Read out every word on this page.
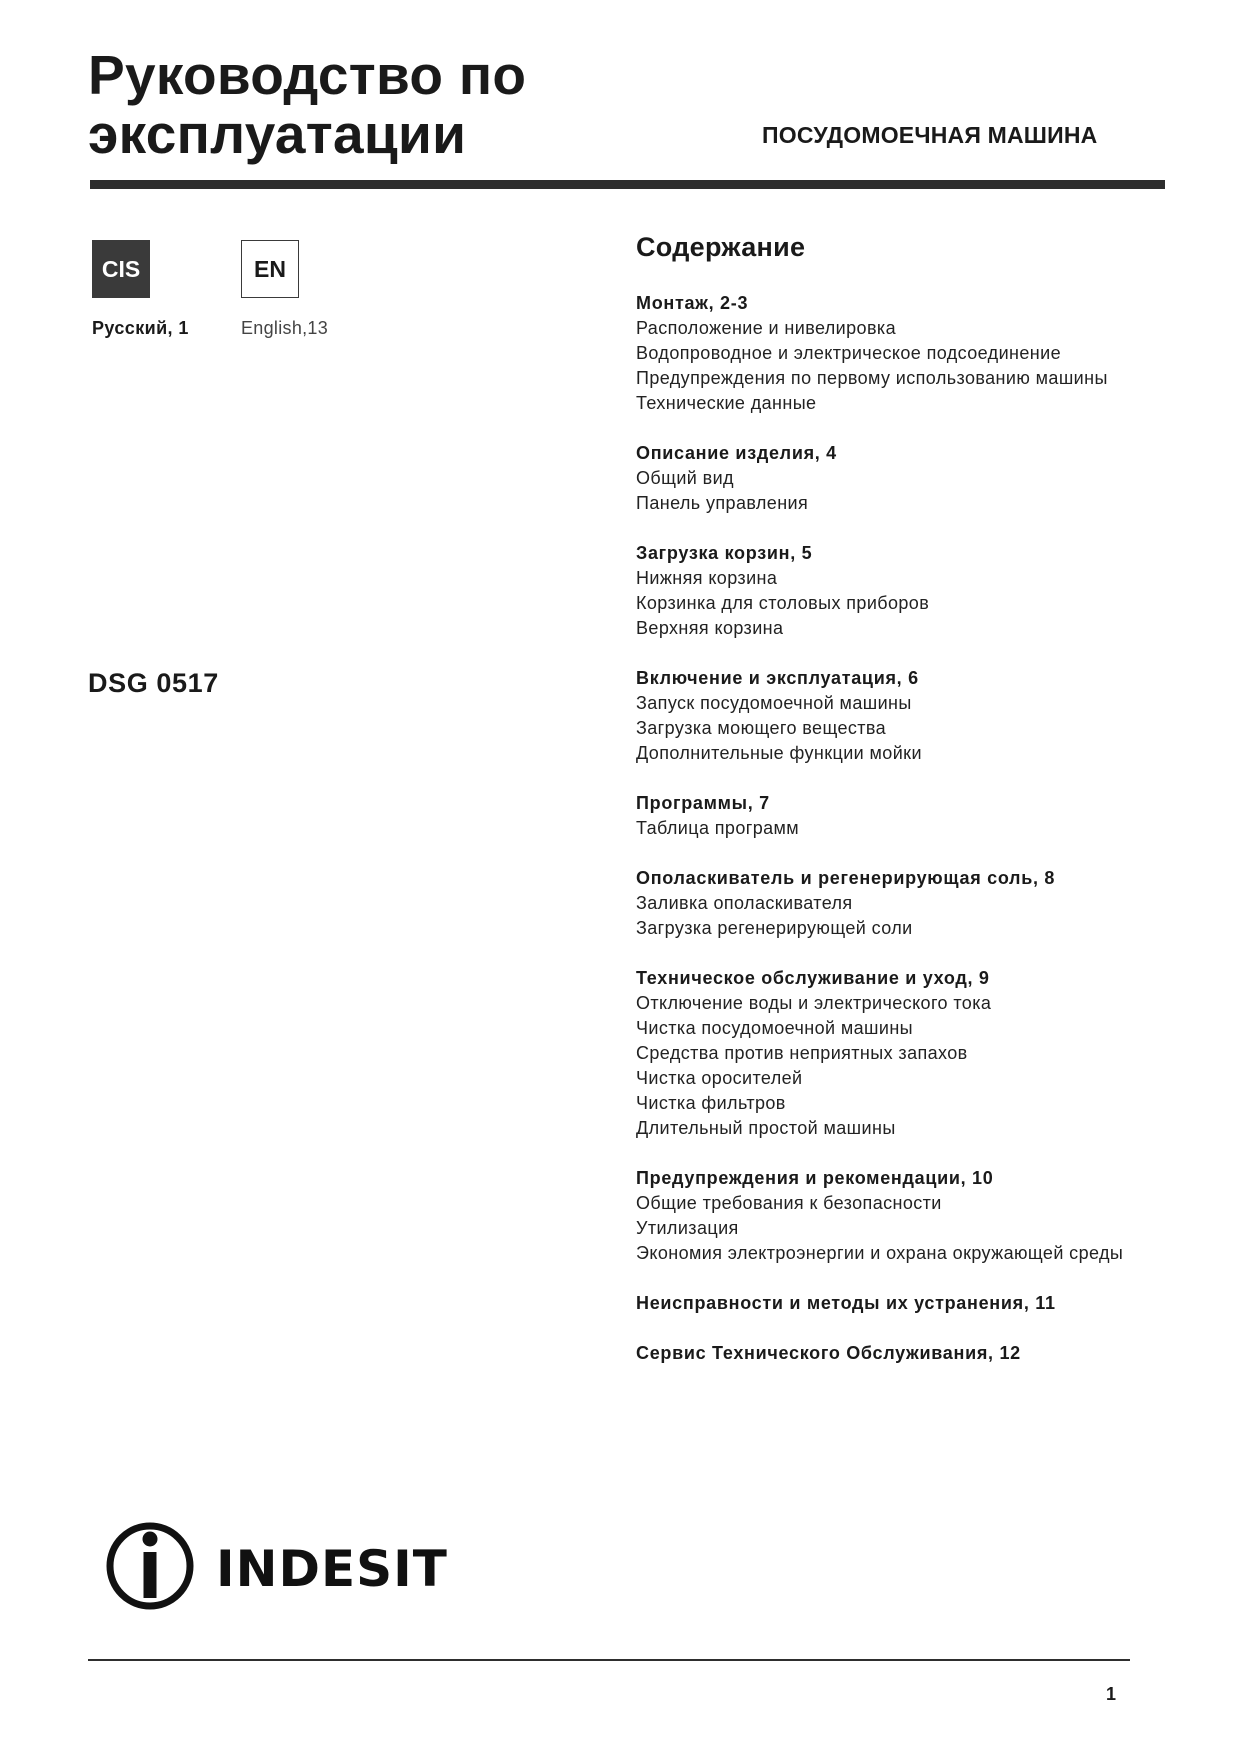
Руководство по
эксплуатации	ПОСУДОМОЕЧНАЯ МАШИНА
CIS	EN
Русский, 1	English,13
DSG 0517
Содержание
Монтаж, 2-3
Расположение и нивелировка
Водопроводное и электрическое подсоединение
Предупреждения по первому использованию машины
Технические данные
Описание изделия, 4
Общий вид
Панель управления
Загрузка корзин, 5
Нижняя корзина
Корзинка для столовых приборов
Верхняя корзина
Включение и эксплуатация, 6
Запуск посудомоечной машины
Загрузка моющего вещества
Дополнительные функции мойки
Программы, 7
Таблица программ
Ополаскиватель и регенерирующая соль, 8
Заливка ополаскивателя
Загрузка регенерирующей соли
Техническое обслуживание и уход, 9
Отключение воды и электрического тока
Чистка посудомоечной машины
Средства против неприятных запахов
Чистка оросителей
Чистка фильтров
Длительный простой машины
Предупреждения и рекомендации, 10
Общие требования к безопасности
Утилизация
Экономия электроэнергии и охрана окружающей среды
Неисправности и методы их устранения, 11
Сервис Технического Обслуживания, 12
INDESIT
1
